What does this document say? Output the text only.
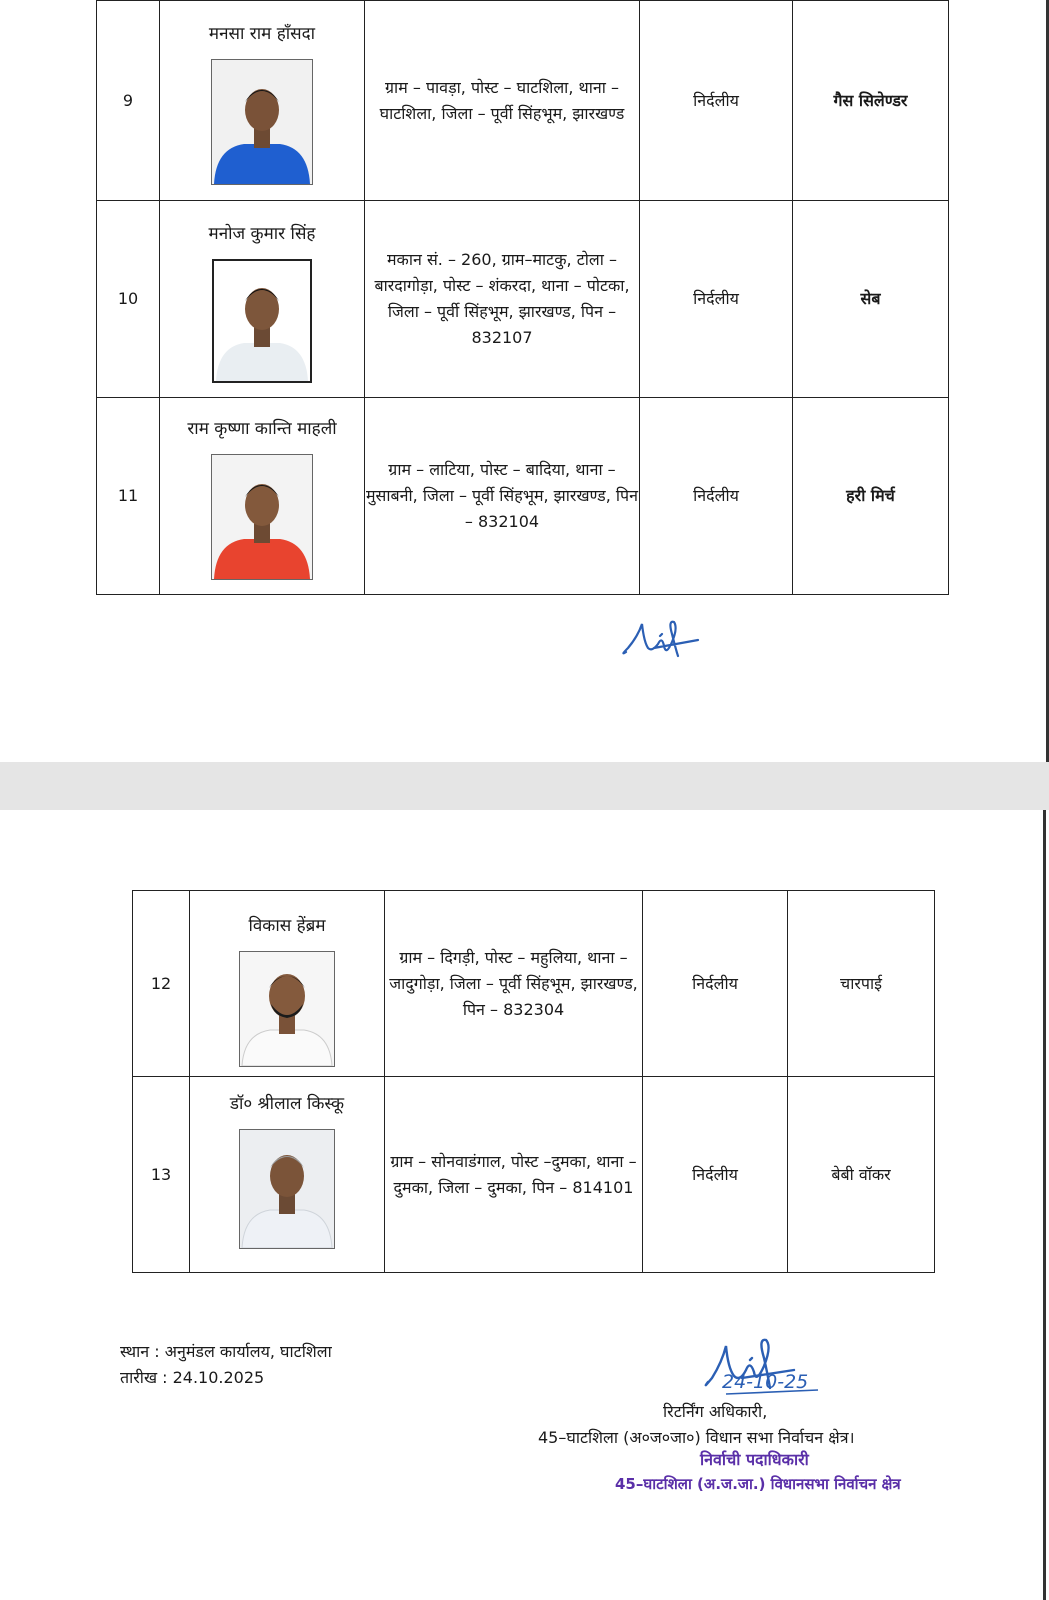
9	मनसा राम हाँसदा	ग्राम – पावड़ा, पोस्ट – घाटशिला, थाना – घाटशिला, जिला – पूर्वी सिंहभूम, झारखण्ड	निर्दलीय	गैस सिलेण्डर
10	मनोज कुमार सिंह	मकान सं. – 260, ग्राम–माटकु, टोला – बारदागोड़ा, पोस्ट – शंकरदा, थाना – पोटका, जिला – पूर्वी सिंहभूम, झारखण्ड, पिन – 832107	निर्दलीय	सेब
11	राम कृष्णा कान्ति माहली	ग्राम – लाटिया, पोस्ट – बादिया, थाना – मुसाबनी, जिला – पूर्वी सिंहभूम, झारखण्ड, पिन – 832104	निर्दलीय	हरी मिर्च
12	विकास हेंब्रम	ग्राम – दिगड़ी, पोस्ट – महुलिया, थाना – जादुगोड़ा, जिला – पूर्वी सिंहभूम, झारखण्ड, पिन – 832304	निर्दलीय	चारपाई
13	डॉ० श्रीलाल किस्कू	ग्राम – सोनवाडंगाल, पोस्ट –दुमका, थाना – दुमका, जिला – दुमका, पिन – 814101	निर्दलीय	बेबी वॉकर
स्थान : अनुमंडल कार्यालय, घाटशिला
तारीख : 24.10.2025	24-10-25
रिटर्निंग अधिकारी,
45–घाटशिला (अ०ज०जा०) विधान सभा निर्वाचन क्षेत्र।
निर्वाची पदाधिकारी
45–घाटशिला (अ.ज.जा.) विधानसभा निर्वाचन क्षेत्र
